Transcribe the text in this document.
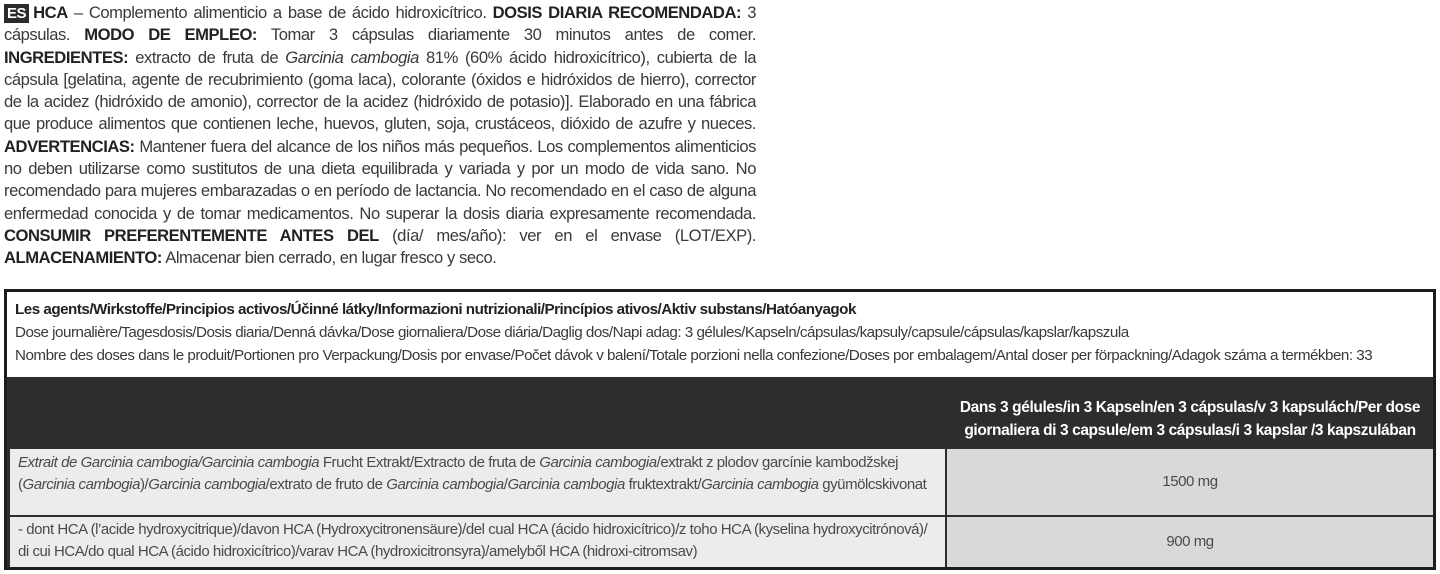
ES HCA – Complemento alimenticio a base de ácido hidroxicítrico. DOSIS DIARIA RECOMENDADA: 3 cápsulas. MODO DE EMPLEO: Tomar 3 cápsulas diariamente 30 minutos antes de comer. INGREDIENTES: extracto de fruta de Garcinia cambogia 81% (60% ácido hidroxicítrico), cubierta de la cápsula [gelatina, agente de recubrimiento (goma laca), colorante (óxidos e hidróxidos de hierro), corrector de la acidez (hidróxido de amonio), corrector de la acidez (hidróxido de potasio)]. Elaborado en una fábrica que produce alimentos que contienen leche, huevos, gluten, soja, crustáceos, dióxido de azufre y nueces. ADVERTENCIAS: Mantener fuera del alcance de los niños más pequeños. Los complementos alimenticios no deben utilizarse como sustitutos de una dieta equilibrada y variada y por un modo de vida sano. No recomendado para mujeres embarazadas o en período de lactancia. No recomendado en el caso de alguna enfermedad conocida y de tomar medicamentos. No superar la dosis diaria expresamente recomendada. CONSUMIR PREFERENTEMENTE ANTES DEL (día/ mes/año): ver en el envase (LOT/EXP). ALMACENAMIENTO: Almacenar bien cerrado, en lugar fresco y seco.
Les agents/Wirkstoffe/Principios activos/Účinné látky/Informazioni nutrizionali/Princípios ativos/Aktiv substans/Hatóanyagok
Dose journalière/Tagesdosis/Dosis diaria/Denná dávka/Dose giornaliera/Dose diária/Daglig dos/Napi adag: 3 gélules/Kapseln/cápsulas/kapsuly/capsule/cápsulas/kapslar/kapszula
Nombre des doses dans le produit/Portionen pro Verpackung/Dosis por envase/Počet dávok v balení/Totale porzioni nella confezione/Doses por embalagem/Antal doser per förpackning/Adagok száma a termékben: 33
Dans 3 gélules/in 3 Kapseln/en 3 cápsulas/v 3 kapsulách/Per dose giornaliera di 3 capsule/em 3 cápsulas/i 3 kapslar /3 kapszulában
Extrait de Garcinia cambogia/Garcinia cambogia Frucht Extrakt/Extracto de fruta de Garcinia cambogia/extrakt z plodov garcínie kambodžskej (Garcinia cambogia)/Garcinia cambogia/extrato de fruto de Garcinia cambogia/Garcinia cambogia fruktextrakt/Garcinia cambogia gyümölcskivonat	1500 mg
- dont HCA (l’acide hydroxycitrique)/davon HCA (Hydroxycitronensäure)/del cual HCA (ácido hidroxicítrico)/z toho HCA (kyselina hydroxycitrónová)/ di cui HCA/do qual HCA (ácido hidroxicítrico)/varav HCA (hydroxicitronsyra)/amelyből HCA (hidroxi-citromsav)
900 mg
